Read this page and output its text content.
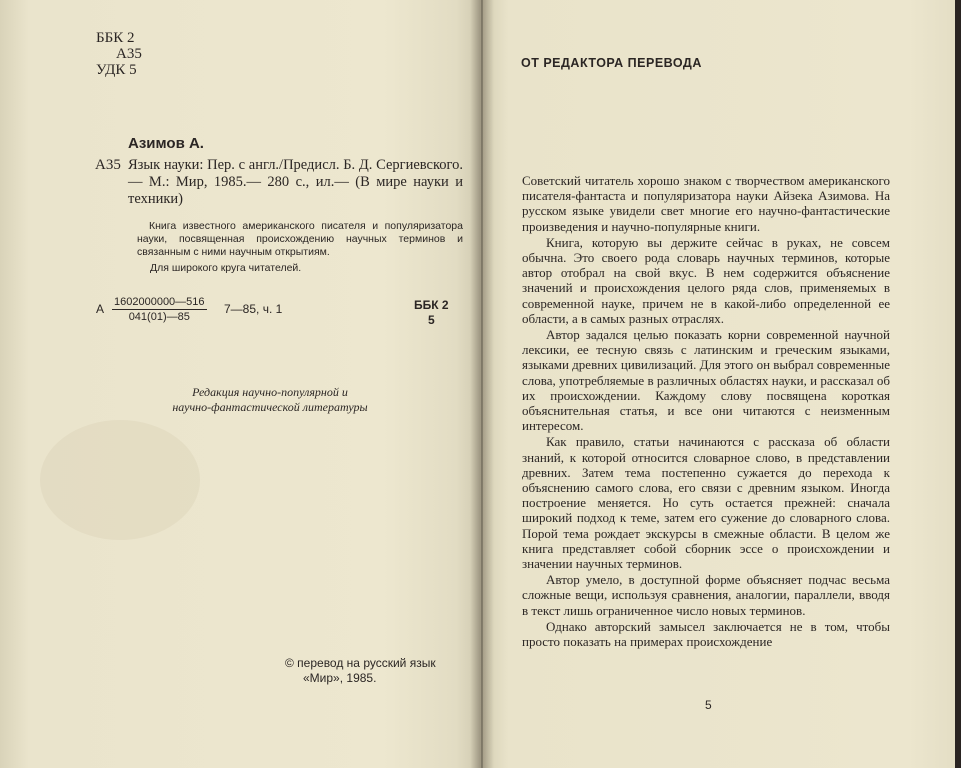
ББК 2
А35
УДК 5
Азимов А.
А35 Язык науки: Пер. с англ./Предисл. Б. Д. Сергиевского.— М.: Мир, 1985.— 280 с., ил.— (В мире науки и техники)

Книга известного американского писателя и популяризатора науки, посвященная происхождению научных терминов и связанным с ними научным открытиям.

Для широкого круга читателей.
А $\frac{1602000000—516}{041(01)—85}$ 7—85, ч. 1	ББК 2
5
Редакция научно-популярной и
научно-фантастической литературы
© перевод на русский язык
«Мир», 1985.
ОТ РЕДАКТОРА ПЕРЕВОДА

Советский читатель хорошо знаком с творчеством американского писателя-фантаста и популяризатора науки Айзека Азимова. На русском языке увидели свет многие его научно-фантастические произведения и научно-популярные книги.

Книга, которую вы держите сейчас в руках, не совсем обычна. Это своего рода словарь научных терминов, которые автор отобрал на свой вкус. В нем содержится объяснение значений и происхождения целого ряда слов, применяемых в современной науке, причем не в какой-либо определенной ее области, а в самых разных отраслях.

Автор задался целью показать корни современной научной лексики, ее тесную связь с латинским и греческим языками, языками древних цивилизаций. Для этого он выбрал современные слова, употребляемые в различных областях науки, и рассказал об их происхождении. Каждому слову посвящена короткая объяснительная статья, и все они читаются с неизменным интересом.

Как правило, статьи начинаются с рассказа об области знаний, к которой относится словарное слово, в представлении древних. Затем тема постепенно сужается до перехода к объяснению самого слова, его связи с древним языком. Иногда построение меняется. Но суть остается прежней: сначала широкий подход к теме, затем его сужение до словарного слова. Порой тема рождает экскурсы в смежные области. В целом же книга представляет собой сборник эссе о происхождении и значении научных терминов.

Автор умело, в доступной форме объясняет подчас весьма сложные вещи, используя сравнения, аналогии, параллели, вводя в текст лишь ограниченное число новых терминов.

Однако авторский замысел заключается не в том, чтобы просто показать на примерах происхождение

5
